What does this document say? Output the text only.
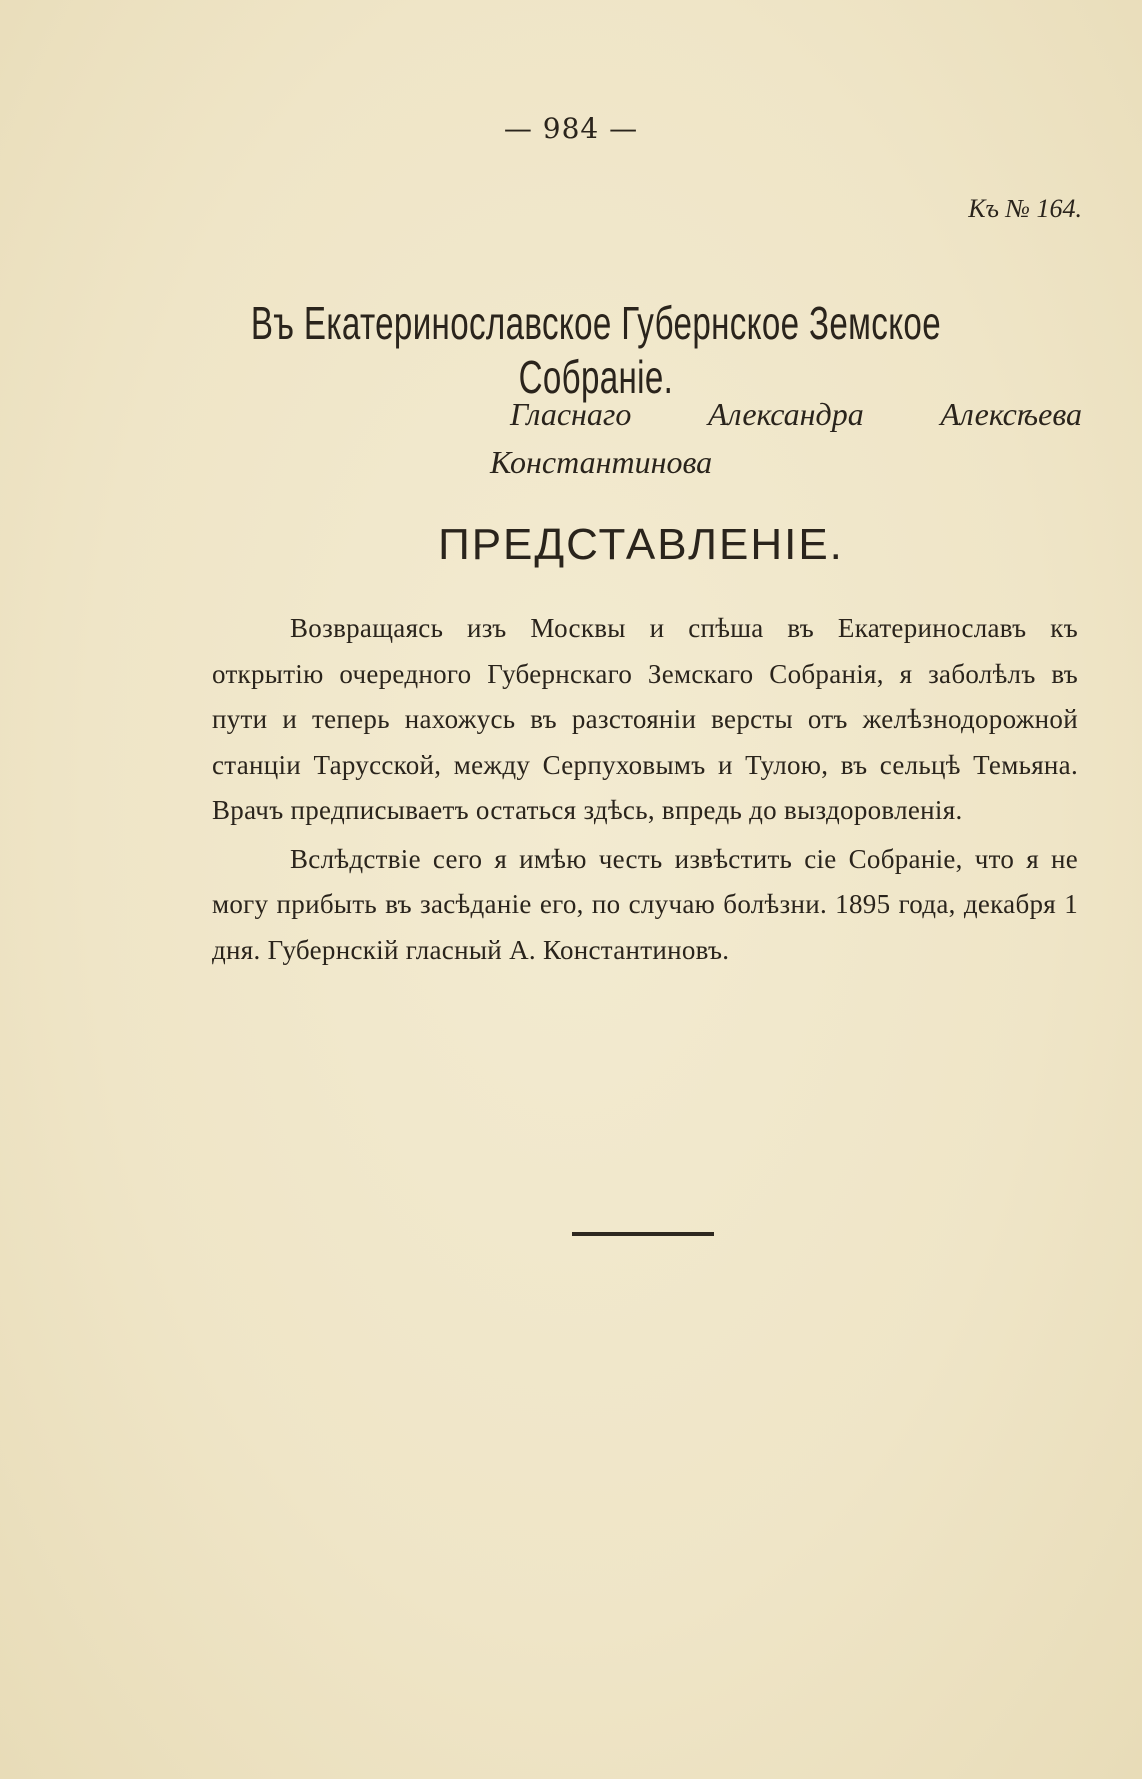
— 984 —
Къ № 164.
Въ Екатеринославское Губернское Земское Собраніе.
Гласнаго Александра Алексѣева
Константинова
ПРЕДСТАВЛЕНІЕ.

Возвращаясь изъ Москвы и спѣша въ Екатеринославъ къ открытію очередного Губернскаго Земскаго Собранія, я заболѣлъ въ пути и теперь нахожусь въ разстояніи версты отъ желѣзнодорожной станціи Тарусской, между Серпуховымъ и Тулою, въ сельцѣ Темьяна. Врачъ предписываетъ остаться здѣсь, впредь до выздоровленія.

Вслѣдствіе сего я имѣю честь извѣстить сіе Собраніе, что я не могу прибыть въ засѣданіе его, по случаю болѣзни. 1895 года, декабря 1 дня. Губернскій гласный А. Константиновъ.
